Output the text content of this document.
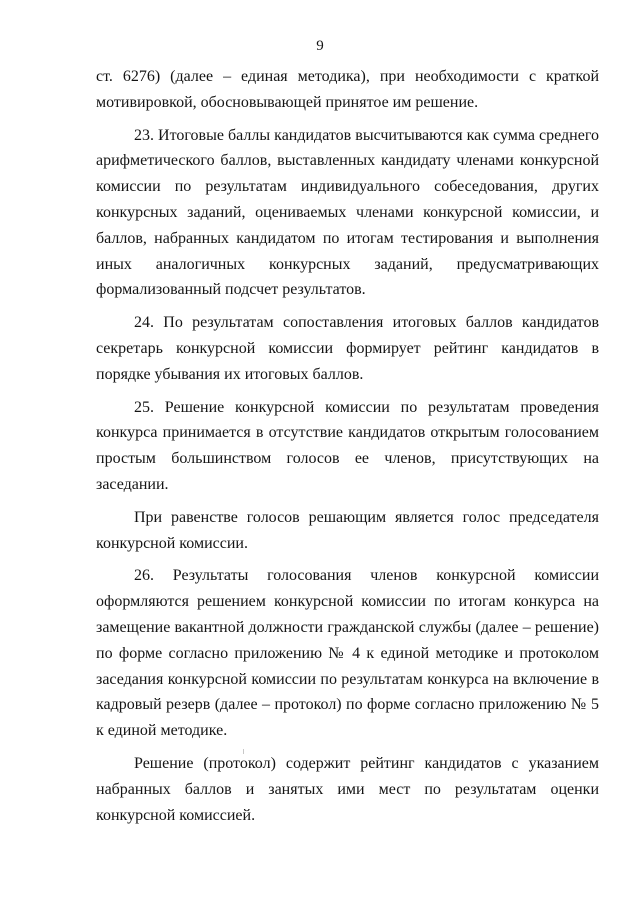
9

ст. 6276) (далее – единая методика), при необходимости с краткой мотивировкой, обосновывающей принятое им решение.

23. Итоговые баллы кандидатов высчитываются как сумма среднего арифметического баллов, выставленных кандидату членами конкурсной комиссии по результатам индивидуального собеседования, других конкурсных заданий, оцениваемых членами конкурсной комиссии, и баллов, набранных кандидатом по итогам тестирования и выполнения иных аналогичных конкурсных заданий, предусматривающих формализованный подсчет результатов.

24. По результатам сопоставления итоговых баллов кандидатов секретарь конкурсной комиссии формирует рейтинг кандидатов в порядке убывания их итоговых баллов.

25. Решение конкурсной комиссии по результатам проведения конкурса принимается в отсутствие кандидатов открытым голосованием простым большинством голосов ее членов, присутствующих на заседании.

При равенстве голосов решающим является голос председателя конкурсной комиссии.

26. Результаты голосования членов конкурсной комиссии оформляются решением конкурсной комиссии по итогам конкурса на замещение вакантной должности гражданской службы (далее – решение) по форме согласно приложению № 4 к единой методике и протоколом заседания конкурсной комиссии по результатам конкурса на включение в кадровый резерв (далее – протокол) по форме согласно приложению № 5 к единой методике.

Решение (протокол) содержит рейтинг кандидатов с указанием набранных баллов и занятых ими мест по результатам оценки конкурсной комиссией.
